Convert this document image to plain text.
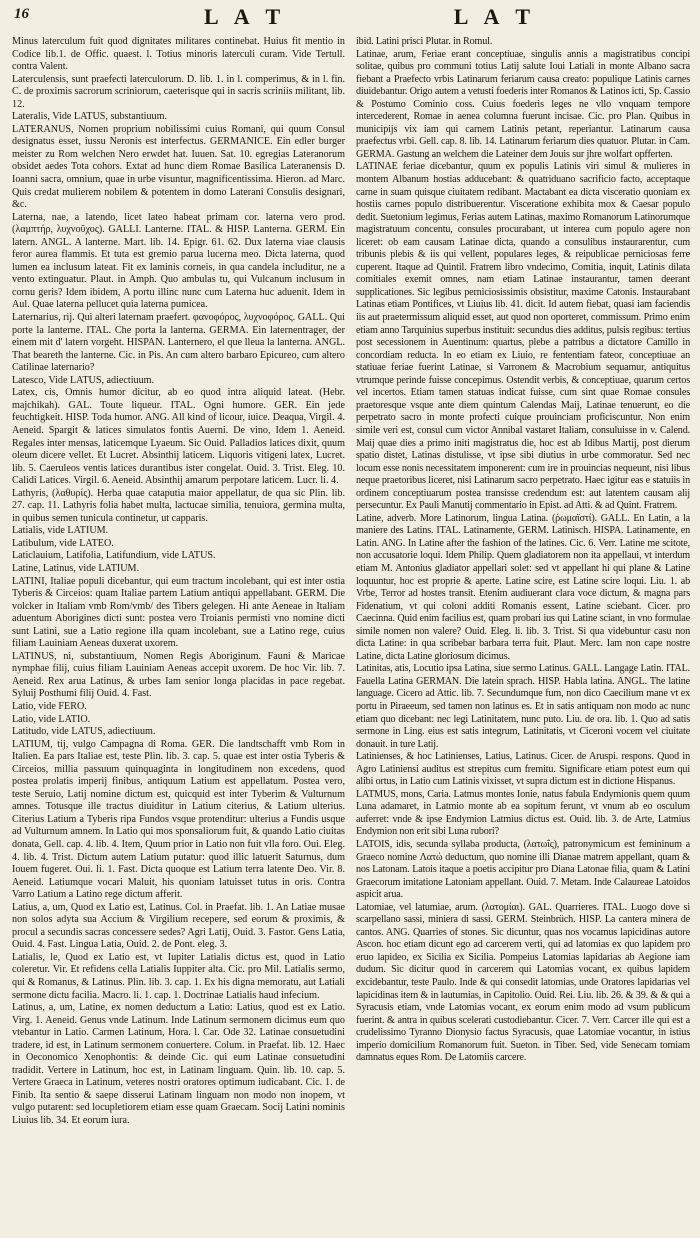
16	L A T	L A T

Minus laterculum fuit quod dignitates militares continebat. Huius fit mentio in Codice lib.1. de Offic. quaest. l. Totius minoris laterculi curam. Vide Tertull. contra Valent.

Laterculensis, sunt praefecti laterculorum. D. lib. 1. in l. comperimus, & in l. fin. C. de proximis sacrorum scriniorum, caeterisque qui in sacris scriniis militant, lib. 12.

Lateralis, Vide LATUS, substantiuum.

LATERANUS, Nomen proprium nobilissimi cuius Romani, qui quum Consul designatus esset, iussu Neronis est interfectus. GERMANICE. Ein edler burger meister zu Rom welchen Nero erwdet hat. Iuuen. Sat. 10. egregias Lateranorum obsidet aedes Tota cohors. Extat ad hunc diem Romae Basilica Lateranensis D. Ioanni sacra, omnium, quae in urbe visuntur, magnificentissima. Hieron. ad Marc. Quis credat mulierem nobilem & potentem in domo Laterani Consulis designari, &c.

Laterna, nae, a latendo, licet lateo habeat primam cor. laterna vero prod. (λαμπτήρ, λυχνοῦχος). GALLI. Lanterne. ITAL. & HISP. Lanterna. GERM. Ein latern. ANGL. A lanterne. Mart. lib. 14. Epigr. 61. 62. Dux laterna viae clausis feror aurea flammis. Et tuta est gremio parua lucerna meo. Dicta laterna, quod lumen ea inclusum lateat. Fit ex laminis corneis, in qua candela includitur, ne a vento extinguatur. Plaut. in Amph. Quo ambulas tu, qui Vulcanum inclusum in cornu geris? Idem ibidem, A portu illinc nunc cum Laterna huc aduenit. Idem in Aul. Quae laterna pellucet quia laterna pumicea.

Laternarius, rij. Qui alteri laternam praefert. φανοφόρος, λυχνοφόρος. GALL. Qui porte la lanterne. ITAL. Che porta la lanterna. GERMA. Ein laternentrager, der einem mit d' latern vorgeht. HISPAN. Lanternero, el que lleua la lanterna. ANGL. That beareth the lanterne. Cic. in Pis. An cum altero barbaro Epicureo, cum altero Catilinae laternario?

Latesco, Vide LATUS, adiectiuum.

Latex, cis, Omnis humor dicitur, ab eo quod intra aliquid lateat. (Hebr. majchikah). GAL. Toute liqueur. ITAL. Ogni humore. GER. Ein jede feuchtigkeit. HISP. Toda humor. ANG. All kind of licour, iuice. Deaqua, Virgil. 4. Aeneid. Spargit & latices simulatos fontis Auerni. De vino, Idem 1. Aeneid. Regales inter mensas, laticemque Lyaeum. Sic Ouid. Palladios latices dixit, quum oleum dicere vellet. Et Lucret. Absinthij laticem. Liquoris vitigeni latex, Lucret. lib. 5. Caeruleos ventis latices durantibus ister congelat. Ouid. 3. Trist. Eleg. 10. Calidi Latices. Virgil. 6. Aeneid. Absinthij amarum perpotare laticem. Lucr. li. 4.

Lathyris, (λαθυρίς). Herba quae cataputia maior appellatur, de qua sic Plin. lib. 27. cap. 11. Lathyris folia habet multa, lactucae similia, tenuiora, germina multa, in quibus semen tunicula continetur, ut capparis.

Latialis, vide LATIUM.

Latibulum, vide LATEO.

Laticlauium, Latifolia, Latifundium, vide LATUS.

Latine, Latinus, vide LATIUM.

LATINI, Italiae populi dicebantur, qui eum tractum incolebant, qui est inter ostia Tyberis & Circeios: quam Italiae partem Latium antiqui appellabant. GERM. Die volcker in Italiam vmb Rom/vmb/ des Tibers gelegen. Hi ante Aeneae in Italiam aduentum Aborigines dicti sunt: postea vero Troianis permisti vno nomine dicti sunt Latini, sue a Latio regione illa quam incolebant, sue a Latino rege, cuius filiam Lauiniam Aeneas duxerat uxorem.

LATINUS, ni, substantiuum, Nomen Regis Aboriginum. Fauni & Maricae nymphae filij, cuius filiam Lauiniam Aeneas accepit uxorem. De hoc Vir. lib. 7. Aeneid. Rex arua Latinus, & urbes Iam senior longa placidas in pace regebat. Syluij Posthumi filij Ouid. 4. Fast.

Latio, vide FERO.

Latio, vide LATIO.

Latitudo, vide LATUS, adiectiuum.

LATIUM, tij, vulgo Campagna di Roma. GER. Die landtschafft vmb Rom in Italien. Ea pars Italiae est, teste Plin. lib. 3. cap. 5. quae est inter ostia Tyberis & Circeios, millia passuum quinquaginta in longitudinem non excedens, quod postea prolatis imperij finibus, antiquum Latium est appellatum. Postea vero, teste Seruio, Latij nomine dictum est, quicquid est inter Tyberim & Vulturnum amnes. Totusque ille tractus diuiditur in Latium citerius, & Latium ulterius. Citerius Latium a Tyberis ripa Fundos vsque protenditur: ulterius a Fundis usque ad Vulturnum amnem. In Latio qui mos sponsaliorum fuit, & quando Latio ciuitas donata, Gell. cap. 4. lib. 4. Item, Quum prior in Latio non fuit vlla foro. Oui. Eleg. 4. lib. 4. Trist. Dictum autem Latium putatur: quod illic latuerit Saturnus, dum Iouem fugeret. Oui. li. 1. Fast. Dicta quoque est Latium terra latente Deo. Vir. 8. Aeneid. Latiumque vocari Maluit, his quoniam latuisset tutus in oris. Contra Varro Latium a Latino rege dictum afferit.

Latius, a, um, Quod ex Latio est, Latinus. Col. in Praefat. lib. 1. An Latiae musae non solos adyta sua Accium & Virgilium recepere, sed eorum & proximis, & procul a secundis sacras concessere sedes? Agri Latij, Ouid. 3. Fastor. Gens Latia, Ouid. 4. Fast. Lingua Latia, Ouid. 2. de Pont. eleg. 3.

Latialis, le, Quod ex Latio est, vt Iupiter Latialis dictus est, quod in Latio coleretur. Vir. Et refidens cella Latialis Iuppiter alta. Cic. pro Mil. Latialis sermo, qui & Romanus, & Latinus. Plin. lib. 3. cap. 1. Ex his digna memoratu, aut Latiali sermone dictu facilia. Macro. li. 1. cap. 1. Doctrinae Latialis haud infecium.

Latinus, a, um, Latine, ex nomen deductum a Latio: Latius, quod est ex Latio. Virg. 1. Aeneid. Genus vnde Latinum. Inde Latinum sermonem dicimus eum quo vtebantur in Latio. Carmen Latinum, Hora. l. Car. Ode 32. Latinae consuetudini tradere, id est, in Latinum sermonem conuertere. Colum. in Praefat. lib. 12. Haec in Oeconomico Xenophontis: & deinde Cic. qui eum Latinae consuetudini tradidit. Vertere in Latinum, hoc est, in Latinam linguam. Quin. lib. 10. cap. 5. Vertere Graeca in Latinum, veteres nostri oratores optimum iudicabant. Cic. 1. de Finib. Ita sentio & saepe disserui Latinam linguam non modo non inopem, vt vulgo putarent: sed locupletiorem etiam esse quam Graecam. Socij Latini nominis Liuius lib. 34. Et eorum iura.

ibid. Latini prisci Plutar. in Romul.

Latinae, arum, Feriae erant conceptiuae, singulis annis a magistratibus concipi solitae, quibus pro communi totius Latij salute Ioui Latiali in monte Albano sacra fiebant a Praefecto vrbis Latinarum feriarum causa creato: populique Latinis carnes diuidebantur. Origo autem a vetusti foederis inter Romanos & Latinos icti, Sp. Cassio & Postumo Cominio coss. Cuius foederis leges ne vllo vnquam tempore intercederent, Romae in aenea columna fuerunt incisae. Cic. pro Plan. Quibus in municipijs vix iam qui carnem Latinis petant, reperiantur. Latinarum causa praefectus vrbi. Gell. cap. 8. lib. 14. Latinarum feriarum dies quatuor. Plutar. in Cam. GERMA. Gastung an welchem die Lateiner dem Jouis sur jhre wolfart opfferten.

LATINAE feriae dicebantur, quum ex populis Latinis viri simul & mulieres in montem Albanum hostias adducebant: & quatriduano sacrificio facto, acceptaque carne in suam quisque ciuitatem redibant. Mactabant ea dicta visceratio quoniam ex hostiis carnes populo distribuerentur. Visceratione exhibita mox & Caesar populo dedit. Suetonium legimus, Ferias autem Latinas, maximo Romanorum Latinorumque magistratuum concentu, consules procurabant, ut interea cum populo agere non liceret: ob eam causam Latinae dicta, quando a consulibus instaurarentur, cum tribunis plebis & iis qui vellent, populares leges, & reipublicae perniciosas ferre cuperent. Itaque ad Quintil. Fratrem libro vndecimo, Comitia, inquit, Latinis dilata comitiales exemit omnes, nam etiam Latinae instaurantur, tamen deerant supplicationes. Sic legibus perniciosissimis obsistitur, maxime Catonis. Instaurabant Latinas etiam Pontifices, vt Liuius lib. 41. dicit. Id autem fiebat, quasi iam faciendis iis aut praetermissum aliquid esset, aut quod non oporteret, commissum. Primo enim etiam anno Tarquinius superbus instituit: secundus dies additus, pulsis regibus: tertius post secessionem in Auentinum: quartus, plebe a patribus a dictatore Camillo in concordiam reducta. In eo etiam ex Liuio, re fententiam fateor, conceptiuae an statiuae feriae fuerint Latinae, si Varronem & Macrobium sequamur, antiquitus vtrumque perinde fuisse concepimus. Ostendit verbis, & conceptiuae, quarum certos vel incertos. Etiam tamen statuas indicat fuisse, cum sint quae Romae consules praetoresque vsque ante diem quintum Calendas Maij, Latinae tenuerunt, eo die perpetrato sacro in monte profecti cuique prouinciam proficiscuntur. Non enim simile veri est, consul cum victor Annibal vastaret Italiam, consuluisse in v. Calend. Maij quae dies a primo initi magistratus die, hoc est ab Idibus Martij, post dierum spatio distet, Latinas distulisse, vt ipse sibi diutius in urbe commoratur. Sed nec locum esse nonis necessitatem imponerent: cum ire in prouincias nequeunt, nisi libus neque praetoribus liceret, nisi Latinarum sacro perpetrato. Haec igitur eas e statuiis in ordinem conceptiuarum postea transisse credendum est: aut latentem causam alij persecuntur. Ex Pauli Manutij commentario in Epist. ad Atti. & ad Quint. Fratrem.

Latine, adverb. More Latinorum, lingua Latina. (ῥωμαϊστί). GALL. En Latin, a la maniere des Latins. ITAL. Latinamente, GERM. Latinisch. HISPA. Latinamente, en Latin. ANG. In Latine after the fashion of the latines. Cic. 6. Verr. Latine me scitote, non accusatorie loqui. Idem Philip. Quem gladiatorem non ita appellaui, vt interdum etiam M. Antonius gladiator appellari solet: sed vt appellant hi qui plane & Latine loquuntur, hoc est proprie & aperte. Latine scire, est Latine scire loqui. Liu. 1. ab Vrbe, Terror ad hostes transit. Etenim audiuerant clara voce dictum, & magna pars Fidenatium, vt qui coloni additi Romanis essent, Latine sciebant. Cicer. pro Caecinna. Quid enim facilius est, quam probari ius qui Latine sciant, in vno formulae simile nomen non valere? Ouid. Eleg. li. lib. 3. Trist. Si qua videbuntur casu non dicta Latine: in qua scribebar barbara terra fuit. Plaut. Merc. Iam non cape nostre Latine, dicta Latine gloriosum dicimus.

Latinitas, atis, Locutio ipsa Latina, siue sermo Latinus. GALL. Langage Latin. ITAL. Fauella Latina GERMAN. Die latein sprach. HISP. Habla latina. ANGL. The latine language. Cicero ad Attic. lib. 7. Secundumque fum, non dico Caecilium mane vt ex portu in Piraeeum, sed tamen non latinus es. Et in satis antiquam non modo ac nunc etiam quo dicebant: nec legi Latinitatem, nunc puto. Liu. de ora. lib. 1. Quo ad satis sermone in Ling. eius est satis integrum, Latinitatis, vt Ciceroni vocem vel ciuitate donauit. in ture Latij.

Latinienses, & hoc Latinienses, Latius, Latinus. Cicer. de Aruspi. respons. Quod in Agro Latiniensi auditus est strepitus cum fremitu. Significare etiam potest eum qui alibi ortus, in Latio cum Latinis vixisset, vt supra dictum est in dictione Hispanus.

LATMUS, mons, Caria. Latmus montes Ionie, natus fabula Endymionis quem quum Luna adamaret, in Latmio monte ab ea sopitum ferunt, vt vnum ab eo osculum auferret: vnde & ipse Endymion Latmius dictus est. Ouid. lib. 3. de Arte, Latmius Endymion non erit sibi Luna rubori?

LATOIS, idis, secunda syllaba producta, (λατωΐς), patronymicum est femininum a Graeco nomine Λατώ deductum, quo nomine illi Dianae matrem appellant, quam & nos Latonam. Latois itaque a poetis accipitur pro Diana Latonae filia, quam & Latini Graecorum imitatione Latoniam appellant. Ouid. 7. Metam. Inde Calaureae Latoidos aspicit arua.

Latomiae, vel latumiae, arum. (λατομίαι). GAL. Quarrieres. ITAL. Luogo dove si scarpellano sassi, miniera di sassi. GERM. Steinbrüch. HISP. La cantera minera de cantos. ANG. Quarries of stones. Sic dicuntur, quas nos vocamus lapicidinas autore Ascon. hoc etiam dicunt ego ad carcerem verti, qui ad latomias ex quo lapidem pro eruo lapideo, ex Sicilia ex Sicilia. Pompeius Latomias lapidarias ab Aegione iam dudum. Sic dicitur quod in carcerem qui Latomias vocant, ex quibus lapidem excidebantur, teste Paulo. Inde & qui consedit latomias, unde Oratores lapidarias vel lapicidinas item & in lautumias, in Capitolio. Ouid. Rei. Liu. lib. 26. & 39. & & qui a Syracusis etiam, vnde Latomias vocant, ex eorum enim modo ad vsum publicum fuerint. & antra in quibus scelerati custodiebantur. Cicer. 7. Verr. Carcer ille qui est a crudelissimo Tyranno Dionysio factus Syracusis, quae Latomiae vocantur, in istius imperio domicilium Romanorum fuit. Sueton. in Tiber. Sed, vide Senecam tomiam damnatus eques Rom. De Latomiis carcere.
